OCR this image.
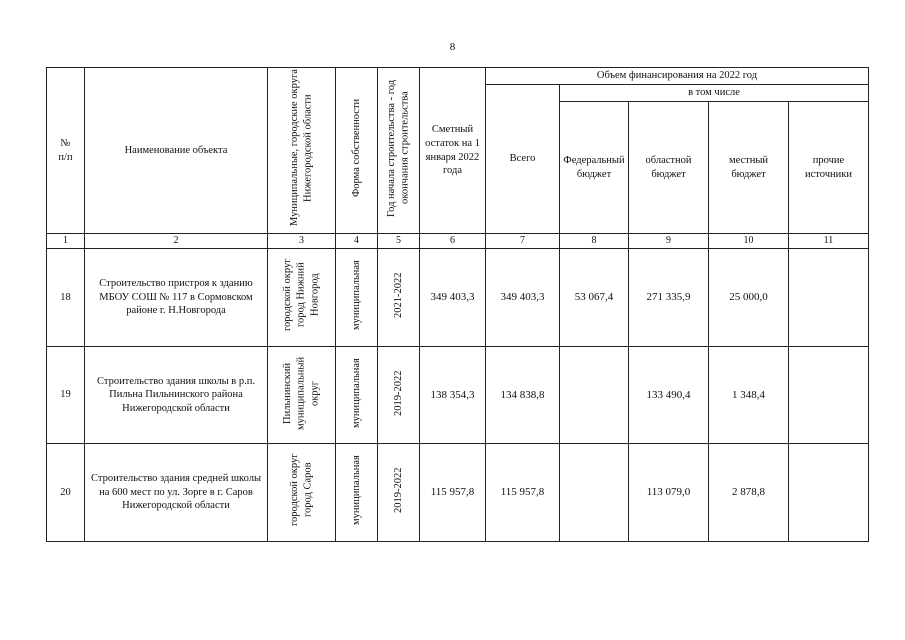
8
№
п/п	Наименование объекта	Муниципальные, городские округа Нижегородской области	Форма собственности	Год начала строительства - год окончания строительства	Сметный остаток на 1 января 2022 года	Объем финансирования на 2022 год				

						Всего	в том числе			

							Федеральный бюджет	областной бюджет	местный бюджет	прочие источники

1	2	3	4	5	6	7	8	9	10	11
18	Строительство пристроя к зданию МБОУ СОШ № 117 в Сормовском районе г. Н.Новгорода	городской округ город Нижний Новгород	муниципальная	2021-2022	349 403,3	349 403,3	53 067,4	271 335,9	25 000,0	
19	Строительство здания школы в р.п. Пильна Пильнинского района Нижегородской области	Пильнинский муниципальный округ	муниципальная	2019-2022	138 354,3	134 838,8		133 490,4	1 348,4	
20	Строительство здания средней школы на 600 мест по ул. Зорге в г. Саров Нижегородской области	городской округ город Саров	муниципальная	2019-2022	115 957,8	115 957,8		113 079,0	2 878,8	
